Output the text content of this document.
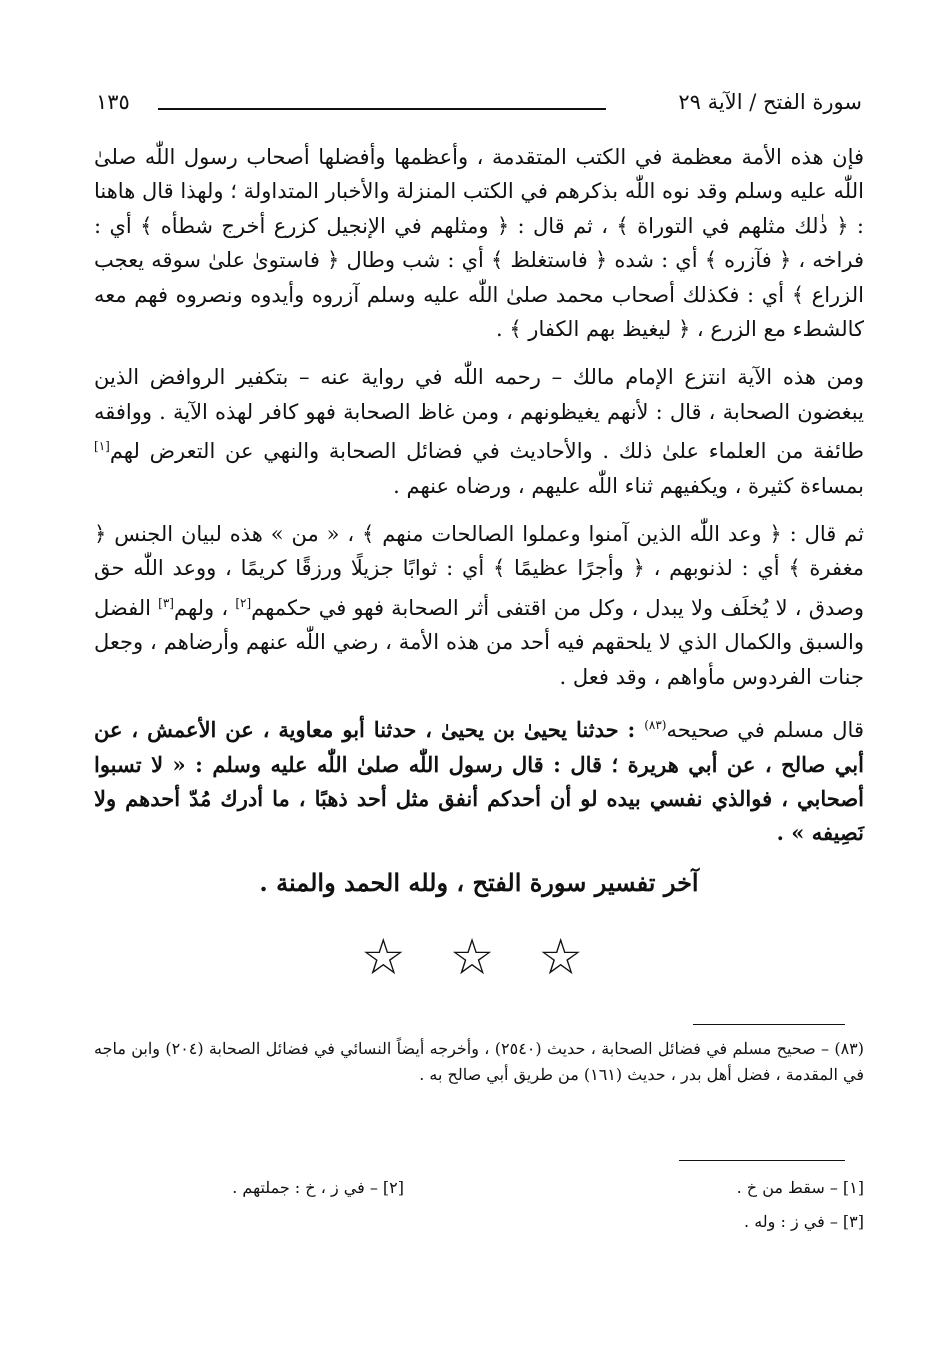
سورة الفتح / الآية ٢٩
١٣٥

فإن هذه الأمة معظمة في الكتب المتقدمة ، وأعظمها وأفضلها أصحاب رسول اللّٰه صلىٰ اللّٰه عليه وسلم وقد نوه اللّٰه بذكرهم في الكتب المنزلة والأخبار المتداولة ؛ ولهذا قال هاهنا : ﴿ ذٰلك مثلهم في التوراة ﴾ ، ثم قال : ﴿ ومثلهم في الإنجيل كزرع أخرج شطأه ﴾ أي : فراخه ، ﴿ فآزره ﴾ أي : شده ﴿ فاستغلظ ﴾ أي : شب وطال ﴿ فاستوىٰ علىٰ سوقه يعجب الزراع ﴾ أي : فكذلك أصحاب محمد صلىٰ اللّٰه عليه وسلم آزروه وأيدوه ونصروه فهم معه كالشطء مع الزرع ، ﴿ ليغيظ بهم الكفار ﴾ .

ومن هذه الآية انتزع الإمام مالك – رحمه اللّٰه في رواية عنه – بتكفير الروافض الذين يبغضون الصحابة ، قال : لأنهم يغيظونهم ، ومن غاظ الصحابة فهو كافر لهذه الآية . ووافقه طائفة من العلماء علىٰ ذلك . والأحاديث في فضائل الصحابة والنهي عن التعرض لهم[١] بمساءة كثيرة ، ويكفيهم ثناء اللّٰه عليهم ، ورضاه عنهم .

ثم قال : ﴿ وعد اللّٰه الذين آمنوا وعملوا الصالحات منهم ﴾ ، « من » هذه لبيان الجنس ﴿ مغفرة ﴾ أي : لذنوبهم ، ﴿ وأجرًا عظيمًا ﴾ أي : ثوابًا جزيلًا ورزقًا كريمًا ، ووعد اللّٰه حق وصدق ، لا يُخلَف ولا يبدل ، وكل من اقتفى أثر الصحابة فهو في حكمهم[٢] ، ولهم[٣] الفضل والسبق والكمال الذي لا يلحقهم فيه أحد من هذه الأمة ، رضي اللّٰه عنهم وأرضاهم ، وجعل جنات الفردوس مأواهم ، وقد فعل .

قال مسلم في صحيحه$^{(٨٣)}$ : حدثنا يحيىٰ بن يحيىٰ ، حدثنا أبو معاوية ، عن الأعمش ، عن أبي صالح ، عن أبي هريرة ؛ قال : قال رسول اللّٰه صلىٰ اللّٰه عليه وسلم : « لا تسبوا أصحابي ، فوالذي نفسي بيده لو أن أحدكم أنفق مثل أحد ذهبًا ، ما أدرك مُدّ أحدهم ولا نَصِيفه » .

آخر تفسير سورة الفتح ، ولله الحمد والمنة .
☆ ☆ ☆
(٨٣) – صحيح مسلم في فضائل الصحابة ، حديث (٢٥٤٠) ، وأخرجه أيضاً النسائي في فضائل الصحابة (٢٠٤) وابن ماجه في المقدمة ، فضل أهل بدر ، حديث (١٦١) من طريق أبي صالح به .
[١] – سقط من خ .
[٢] – في ز ، خ : جملتهم .
[٣] – في ز : وله .
